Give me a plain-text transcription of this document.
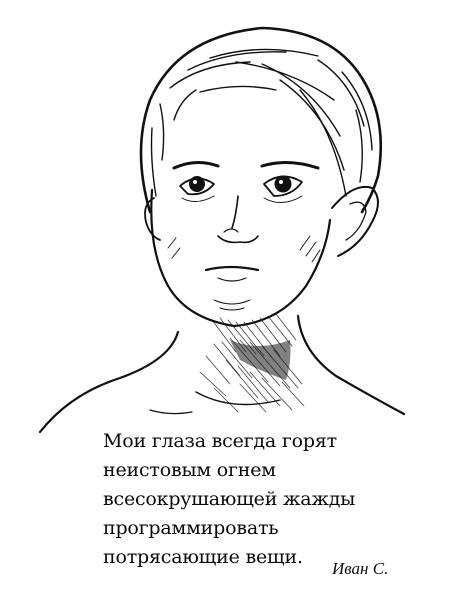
Мои глаза всегда горят
неистовым огнем
всесокрушающей жажды
программировать
потрясающие вещи.

Иван С.
